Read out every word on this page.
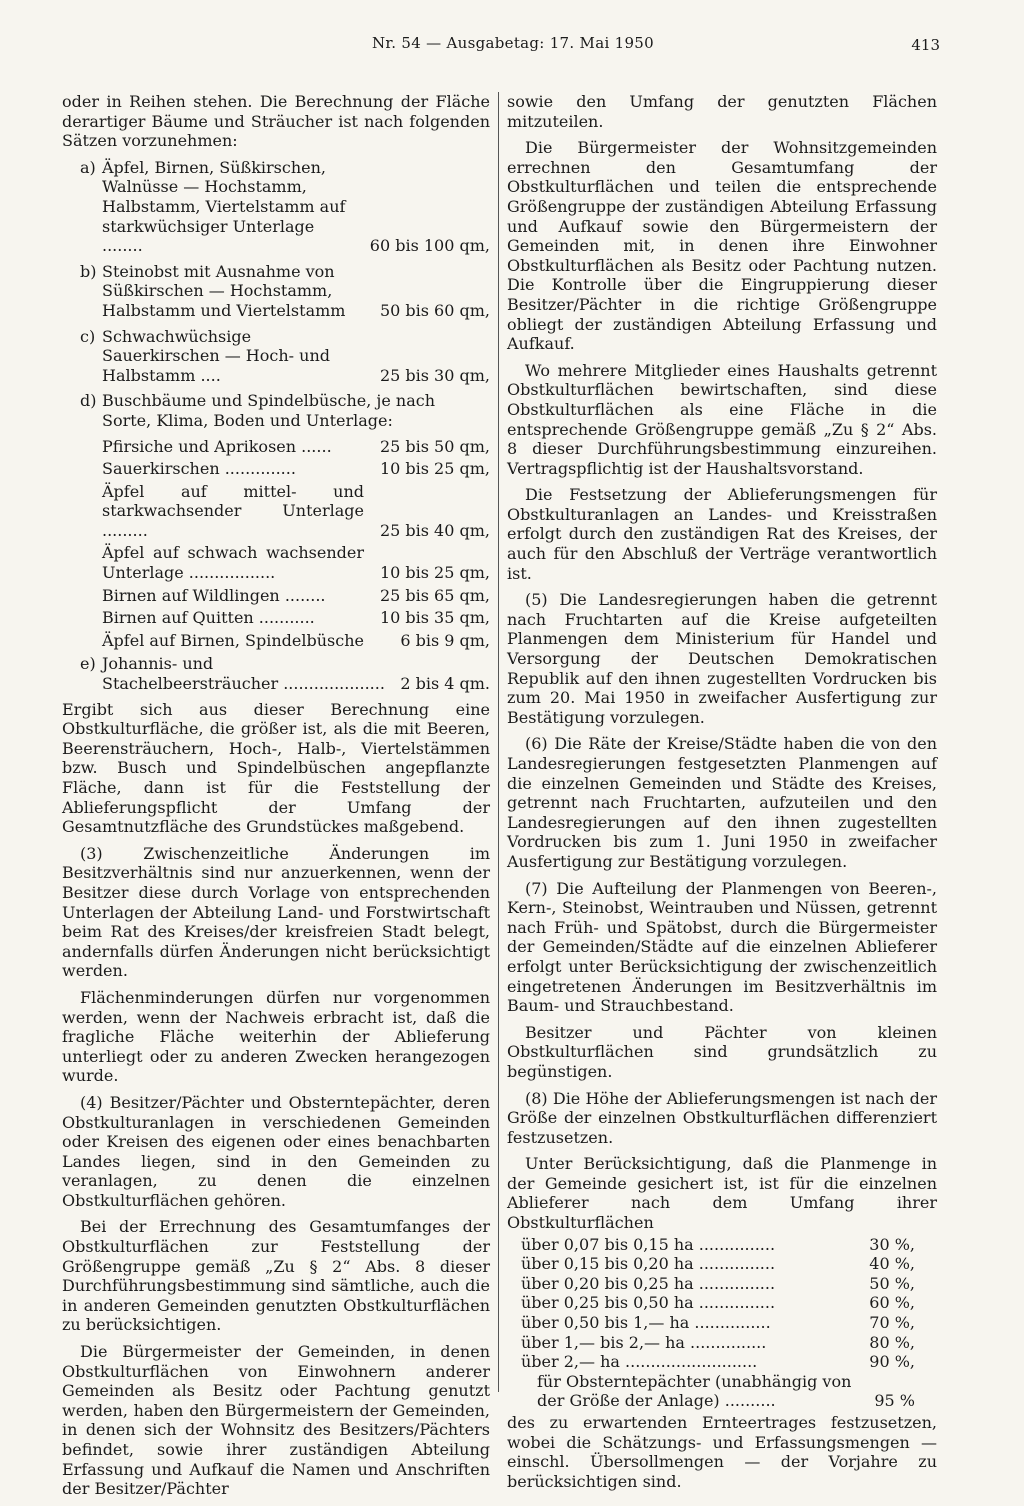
Nr. 54 — Ausgabetag: 17. Mai 1950	413

oder in Reihen stehen. Die Berechnung der Fläche derartiger Bäume und Sträucher ist nach folgenden Sätzen vorzunehmen:

a) Äpfel, Birnen, Süßkirschen, Walnüsse — Hochstamm, Halbstamm, Viertelstamm auf starkwüchsiger Unterlage ........	60 bis 100 qm,
b) Steinobst mit Ausnahme von Süßkirschen — Hochstamm, Halbstamm und Viertelstamm	50 bis 60 qm,
c) Schwachwüchsige Sauerkirschen — Hoch- und Halbstamm ....	25 bis 30 qm,
d) Buschbäume und Spindelbüsche, je nach Sorte, Klima, Boden und Unterlage:
Pfirsiche und Aprikosen ......	25 bis 50 qm,
Sauerkirschen ..............	10 bis 25 qm,
Äpfel auf mittel- und starkwachsender Unterlage .........	25 bis 40 qm,
Äpfel auf schwach wachsender Unterlage .................	10 bis 25 qm,
Birnen auf Wildlingen ........	25 bis 65 qm,
Birnen auf Quitten ...........	10 bis 35 qm,
Äpfel auf Birnen, Spindelbüsche	6 bis 9 qm,
e) Johannis- und Stachelbeersträucher .................... 2 bis 4 qm.

Ergibt sich aus dieser Berechnung eine Obstkulturfläche, die größer ist, als die mit Beeren, Beerensträuchern, Hoch-, Halb-, Viertelstämmen bzw. Busch und Spindelbüschen angepflanzte Fläche, dann ist für die Feststellung der Ablieferungspflicht der Umfang der Gesamtnutzfläche des Grundstückes maßgebend.

(3) Zwischenzeitliche Änderungen im Besitzverhältnis sind nur anzuerkennen, wenn der Besitzer diese durch Vorlage von entsprechenden Unterlagen der Abteilung Land- und Forstwirtschaft beim Rat des Kreises/der kreisfreien Stadt belegt, andernfalls dürfen Änderungen nicht berücksichtigt werden.

Flächenminderungen dürfen nur vorgenommen werden, wenn der Nachweis erbracht ist, daß die fragliche Fläche weiterhin der Ablieferung unterliegt oder zu anderen Zwecken herangezogen wurde.

(4) Besitzer/Pächter und Obsterntepächter, deren Obstkulturanlagen in verschiedenen Gemeinden oder Kreisen des eigenen oder eines benachbarten Landes liegen, sind in den Gemeinden zu veranlagen, zu denen die einzelnen Obstkulturflächen gehören.

Bei der Errechnung des Gesamtumfanges der Obstkulturflächen zur Feststellung der Größengruppe gemäß „Zu § 2“ Abs. 8 dieser Durchführungsbestimmung sind sämtliche, auch die in anderen Gemeinden genutzten Obstkulturflächen zu berücksichtigen.

Die Bürgermeister der Gemeinden, in denen Obstkulturflächen von Einwohnern anderer Gemeinden als Besitz oder Pachtung genutzt werden, haben den Bürgermeistern der Gemeinden, in denen sich der Wohnsitz des Besitzers/Pächters befindet, sowie ihrer zuständigen Abteilung Erfassung und Aufkauf die Namen und Anschriften der Besitzer/Pächter

sowie den Umfang der genutzten Flächen mitzuteilen.

Die Bürgermeister der Wohnsitzgemeinden errechnen den Gesamtumfang der Obstkulturflächen und teilen die entsprechende Größengruppe der zuständigen Abteilung Erfassung und Aufkauf sowie den Bürgermeistern der Gemeinden mit, in denen ihre Einwohner Obstkulturflächen als Besitz oder Pachtung nutzen. Die Kontrolle über die Eingruppierung dieser Besitzer/Pächter in die richtige Größengruppe obliegt der zuständigen Abteilung Erfassung und Aufkauf.

Wo mehrere Mitglieder eines Haushalts getrennt Obstkulturflächen bewirtschaften, sind diese Obstkulturflächen als eine Fläche in die entsprechende Größengruppe gemäß „Zu § 2“ Abs. 8 dieser Durchführungsbestimmung einzureihen. Vertragspflichtig ist der Haushaltsvorstand.

Die Festsetzung der Ablieferungsmengen für Obstkulturanlagen an Landes- und Kreisstraßen erfolgt durch den zuständigen Rat des Kreises, der auch für den Abschluß der Verträge verantwortlich ist.

(5) Die Landesregierungen haben die getrennt nach Fruchtarten auf die Kreise aufgeteilten Planmengen dem Ministerium für Handel und Versorgung der Deutschen Demokratischen Republik auf den ihnen zugestellten Vordrucken bis zum 20. Mai 1950 in zweifacher Ausfertigung zur Bestätigung vorzulegen.

(6) Die Räte der Kreise/Städte haben die von den Landesregierungen festgesetzten Planmengen auf die einzelnen Gemeinden und Städte des Kreises, getrennt nach Fruchtarten, aufzuteilen und den Landesregierungen auf den ihnen zugestellten Vordrucken bis zum 1. Juni 1950 in zweifacher Ausfertigung zur Bestätigung vorzulegen.

(7) Die Aufteilung der Planmengen von Beeren-, Kern-, Steinobst, Weintrauben und Nüssen, getrennt nach Früh- und Spätobst, durch die Bürgermeister der Gemeinden/Städte auf die einzelnen Ablieferer erfolgt unter Berücksichtigung der zwischenzeitlich eingetretenen Änderungen im Besitzverhältnis im Baum- und Strauchbestand.

Besitzer und Pächter von kleinen Obstkulturflächen sind grundsätzlich zu begünstigen.

(8) Die Höhe der Ablieferungsmengen ist nach der Größe der einzelnen Obstkulturflächen differenziert festzusetzen.

Unter Berücksichtigung, daß die Planmenge in der Gemeinde gesichert ist, ist für die einzelnen Ablieferer nach dem Umfang ihrer Obstkulturflächen

über 0,07 bis 0,15 ha ...............	30 %,
über 0,15 bis 0,20 ha ...............	40 %,
über 0,20 bis 0,25 ha ...............	50 %,
über 0,25 bis 0,50 ha ...............	60 %,
über 0,50 bis 1,— ha ...............	70 %,
über 1,— bis 2,— ha ...............	80 %,
über 2,— ha ..........................	90 %,
für Obsterntepächter (unabhängig von
der Größe der Anlage) ..........	95 %

des zu erwartenden Ernteertrages festzusetzen, wobei die Schätzungs- und Erfassungsmengen — einschl. Übersollmengen — der Vorjahre zu berücksichtigen sind.
